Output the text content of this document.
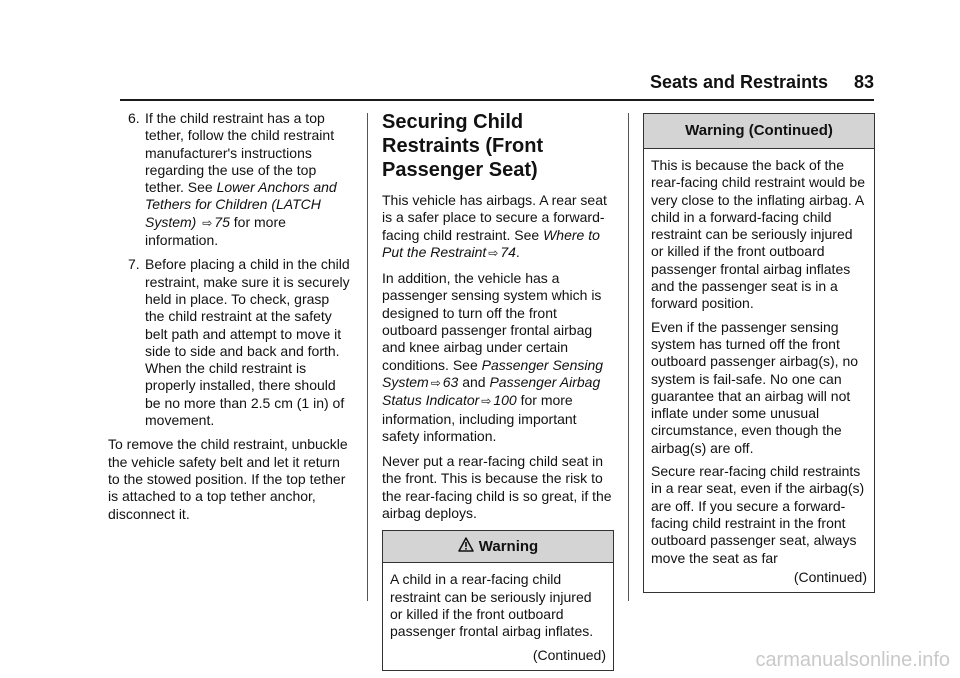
Seats and Restraints 83
6. If the child restraint has a top tether, follow the child restraint manufacturer's instructions regarding the use of the top tether. See Lower Anchors and Tethers for Children (LATCH System) ⇨ 75 for more information.
7. Before placing a child in the child restraint, make sure it is securely held in place. To check, grasp the child restraint at the safety belt path and attempt to move it side to side and back and forth. When the child restraint is properly installed, there should be no more than 2.5 cm (1 in) of movement.

To remove the child restraint, unbuckle the vehicle safety belt and let it return to the stowed position. If the top tether is attached to a top tether anchor, disconnect it.

Securing Child Restraints (Front Passenger Seat)

This vehicle has airbags. A rear seat is a safer place to secure a forward-facing child restraint. See Where to Put the Restraint ⇨ 74.

In addition, the vehicle has a passenger sensing system which is designed to turn off the front outboard passenger frontal airbag and knee airbag under certain conditions. See Passenger Sensing System ⇨ 63 and Passenger Airbag Status Indicator ⇨ 100 for more information, including important safety information.

Never put a rear-facing child seat in the front. This is because the risk to the rear-facing child is so great, if the airbag deploys.

Warning

A child in a rear-facing child restraint can be seriously injured or killed if the front outboard passenger frontal airbag inflates.

(Continued)
Warning (Continued)

This is because the back of the rear-facing child restraint would be very close to the inflating airbag. A child in a forward-facing child restraint can be seriously injured or killed if the front outboard passenger frontal airbag inflates and the passenger seat is in a forward position.

Even if the passenger sensing system has turned off the front outboard passenger airbag(s), no system is fail-safe. No one can guarantee that an airbag will not inflate under some unusual circumstance, even though the airbag(s) are off.

Secure rear-facing child restraints in a rear seat, even if the airbag(s) are off. If you secure a forward-facing child restraint in the front outboard passenger seat, always move the seat as far

(Continued)
carmanualsonline.info
